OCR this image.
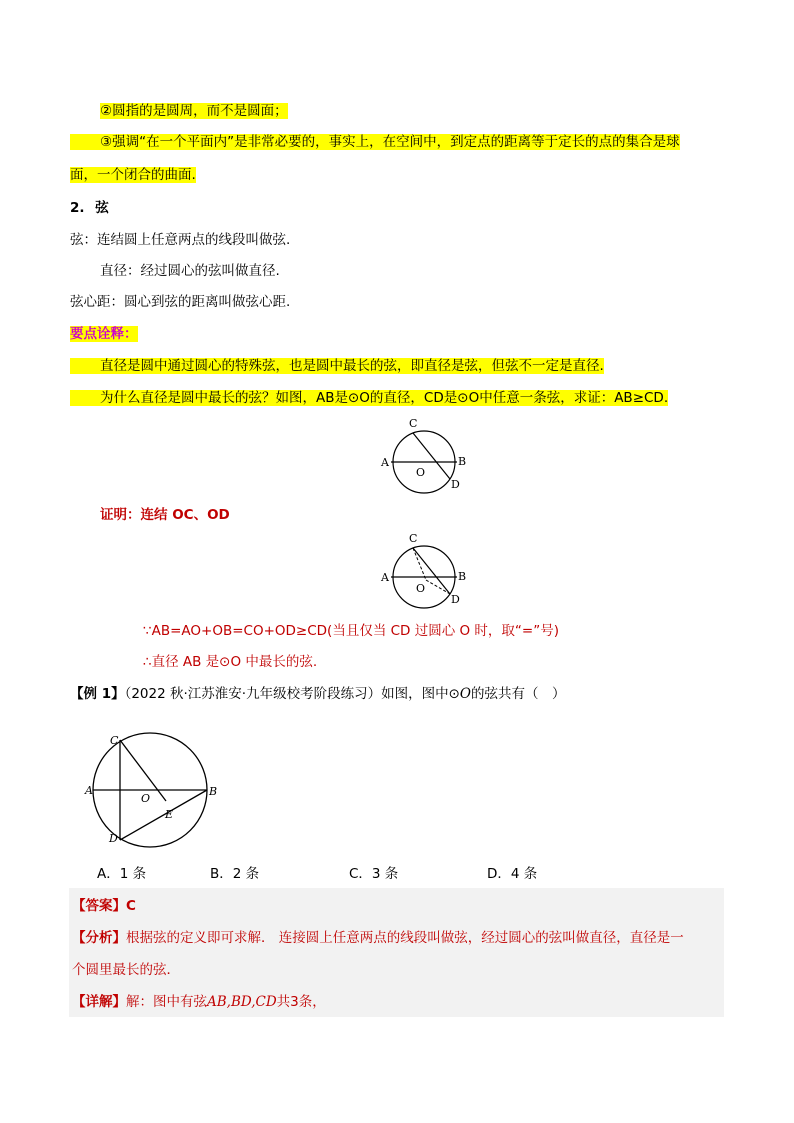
②圆指的是圆周，而不是圆面；
③强调“在一个平面内”是非常必要的，事实上，在空间中，到定点的距离等于定长的点的集合是球
面，一个闭合的曲面.
2. 弦
弦：连结圆上任意两点的线段叫做弦.
直径：经过圆心的弦叫做直径.
弦心距：圆心到弦的距离叫做弦心距.
要点诠释：
直径是圆中通过圆心的特殊弦，也是圆中最长的弦，即直径是弦，但弦不一定是直径.
为什么直径是圆中最长的弦？如图，AB是⊙O的直径，CD是⊙O中任意一条弦，求证：AB≥CD.
A	B
C
D
O
证明：连结 OC、OD
A	B
C
D
O
∵AB=AO+OB=CO+OD≥CD(当且仅当 CD 过圆心 O 时，取“=”号)
∴直径 AB 是⊙O 中最长的弦.
【例 1】（2022 秋·江苏淮安·九年级校考阶段练习）如图，图中⊙O的弦共有（　）
A	B
C
D
E
O
A．1 条	B．2 条	C．3 条	D．4 条
【答案】C
【分析】根据弦的定义即可求解． 连接圆上任意两点的线段叫做弦，经过圆心的弦叫做直径，直径是一
个圆里最长的弦．
【详解】解：图中有弦AB,BD,CD共3条，
